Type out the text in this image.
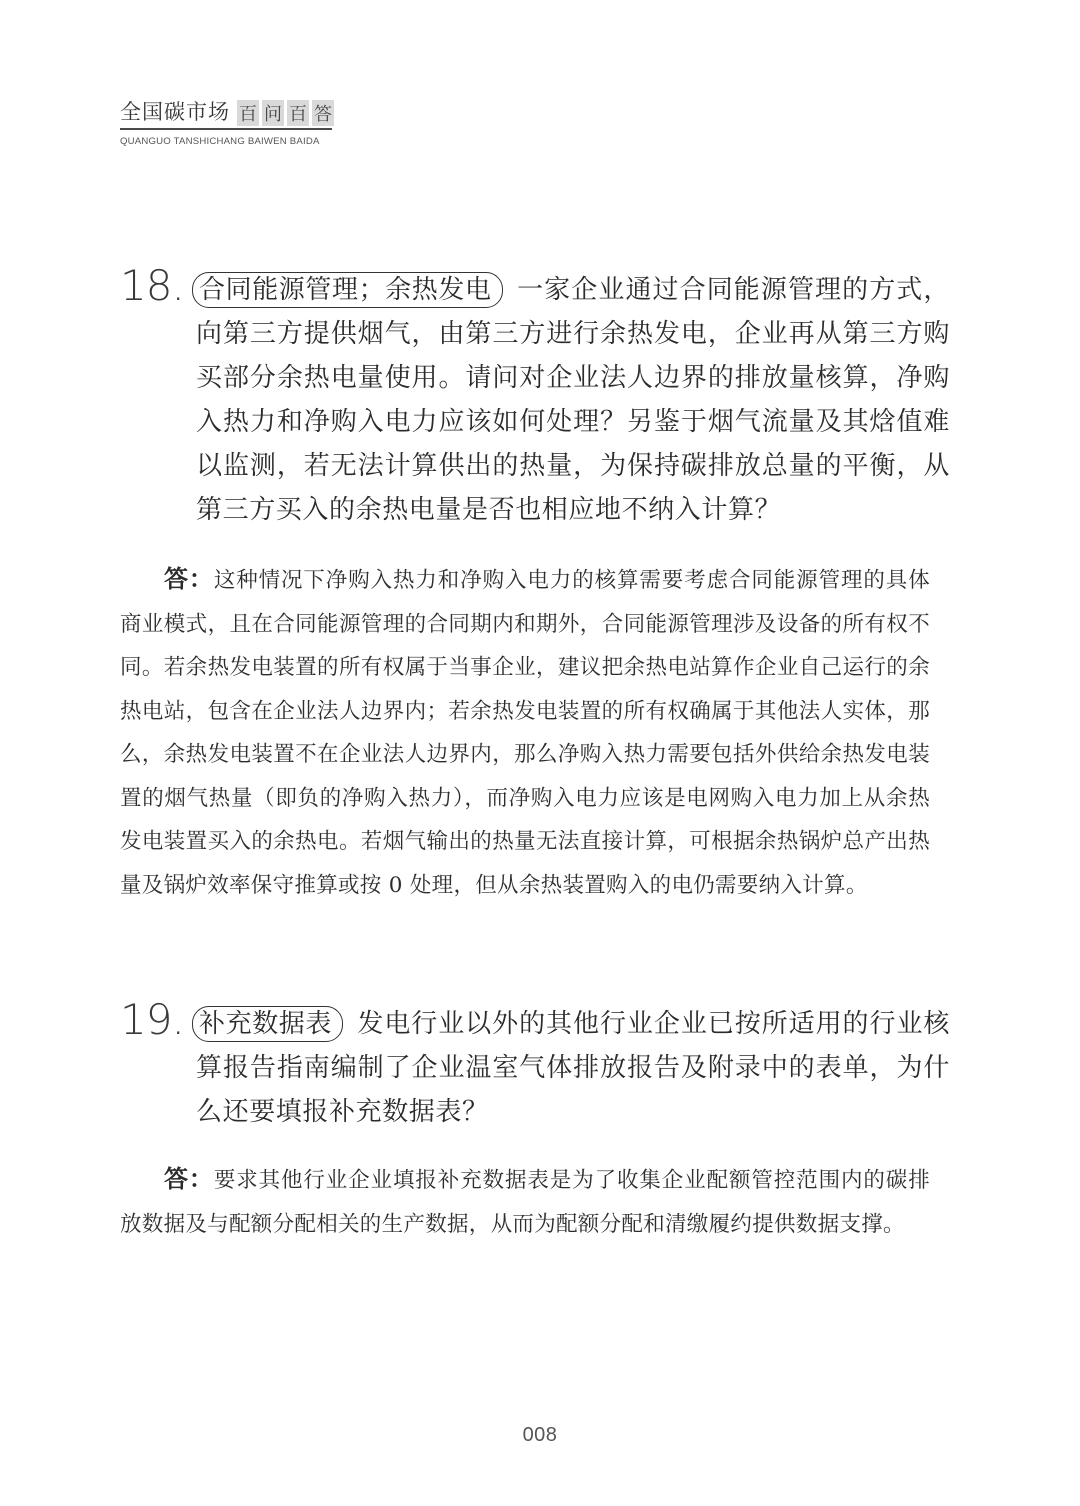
全国碳市场 百 问 百 答
QUANGUO TANSHICHANG BAIWEN BAIDA
18. 合同能源管理；余热发电 一家企业通过合同能源管理的方式，向第三方提供烟气，由第三方进行余热发电，企业再从第三方购买部分余热电量使用。请问对企业法人边界的排放量核算，净购入热力和净购入电力应该如何处理？另鉴于烟气流量及其焓值难以监测，若无法计算供出的热量，为保持碳排放总量的平衡，从第三方买入的余热电量是否也相应地不纳入计算？
答：这种情况下净购入热力和净购入电力的核算需要考虑合同能源管理的具体商业模式，且在合同能源管理的合同期内和期外，合同能源管理涉及设备的所有权不同。若余热发电装置的所有权属于当事企业，建议把余热电站算作企业自己运行的余热电站，包含在企业法人边界内；若余热发电装置的所有权确属于其他法人实体，那么，余热发电装置不在企业法人边界内，那么净购入热力需要包括外供给余热发电装置的烟气热量（即负的净购入热力），而净购入电力应该是电网购入电力加上从余热发电装置买入的余热电。若烟气输出的热量无法直接计算，可根据余热锅炉总产出热量及锅炉效率保守推算或按 0 处理，但从余热装置购入的电仍需要纳入计算。
19. 补充数据表 发电行业以外的其他行业企业已按所适用的行业核算报告指南编制了企业温室气体排放报告及附录中的表单，为什么还要填报补充数据表？
答：要求其他行业企业填报补充数据表是为了收集企业配额管控范围内的碳排放数据及与配额分配相关的生产数据，从而为配额分配和清缴履约提供数据支撑。
008
